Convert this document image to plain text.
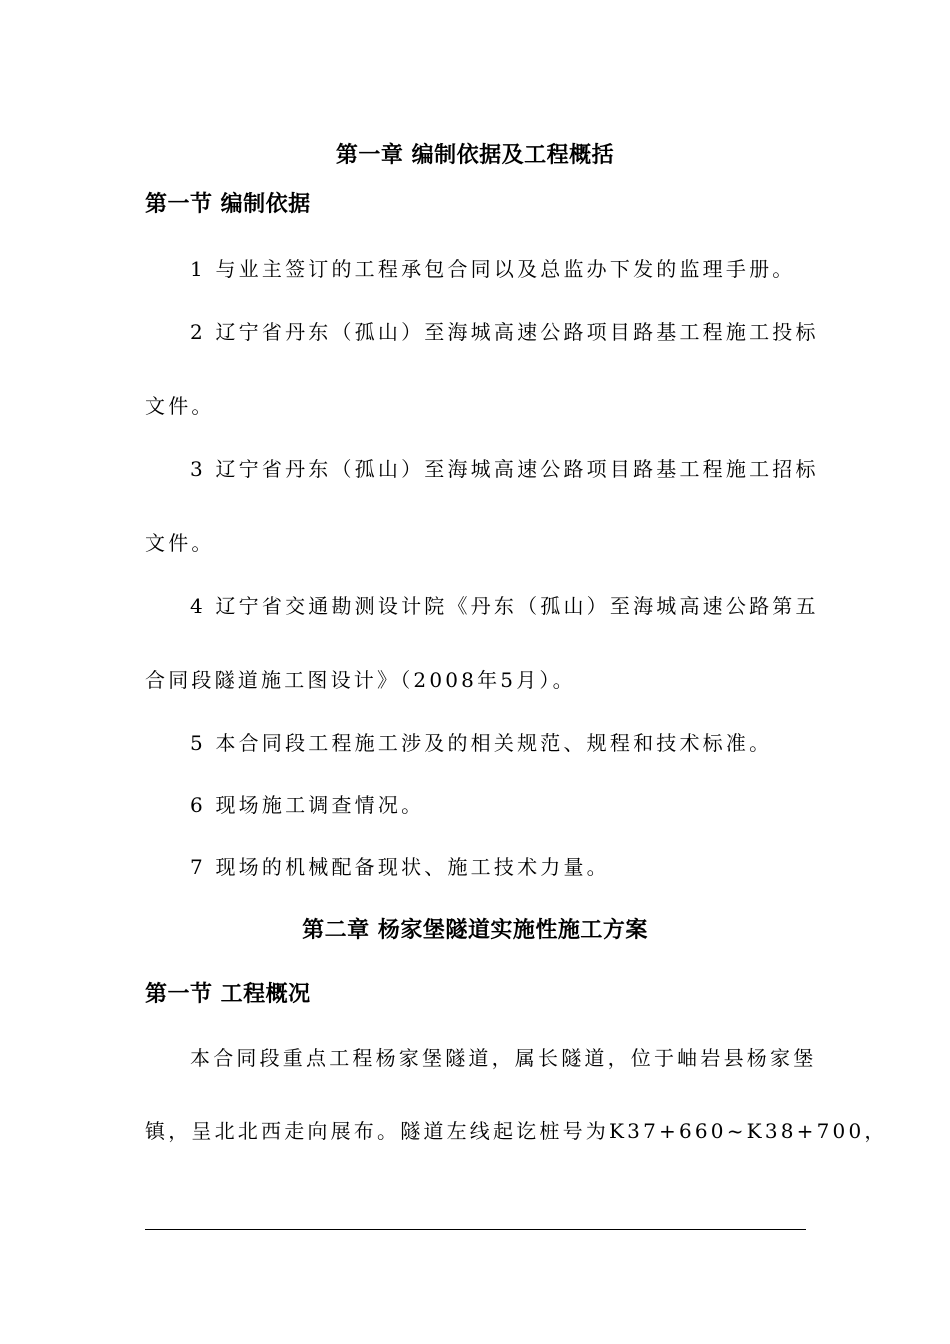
第一章 编制依据及工程概括
第一节 编制依据
1 与业主签订的工程承包合同以及总监办下发的监理手册。
2 辽宁省丹东（孤山）至海城高速公路项目路基工程施工投标
文件。
3 辽宁省丹东（孤山）至海城高速公路项目路基工程施工招标
文件。
4 辽宁省交通勘测设计院《丹东（孤山）至海城高速公路第五
合同段隧道施工图设计》（2008年5月）。
5 本合同段工程施工涉及的相关规范、规程和技术标准。
6 现场施工调查情况。
7 现场的机械配备现状、施工技术力量。
第二章 杨家堡隧道实施性施工方案
第一节 工程概况
本合同段重点工程杨家堡隧道，属长隧道，位于岫岩县杨家堡
镇，呈北北西走向展布。隧道左线起讫桩号为K37+660~K38+700，
